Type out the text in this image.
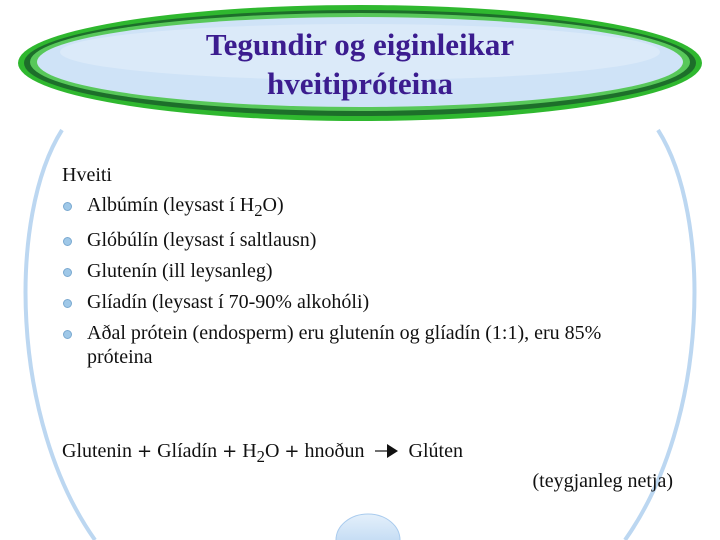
Tegundir og eiginleikar
hveitipróteina
Hveiti
Albúmín (leysast í $H_2O$)
Glóbúlín (leysast í saltlausn)
Glutenín (ill leysanleg)
Glíadín (leysast í 70-90% alkohóli)
Aðal prótein (endosperm) eru glutenín og glíadín (1:1), eru 85% próteina
Glutenin + Glíadín + $H_2O$ + hnoðun Glúten
(teygjanleg netja)
